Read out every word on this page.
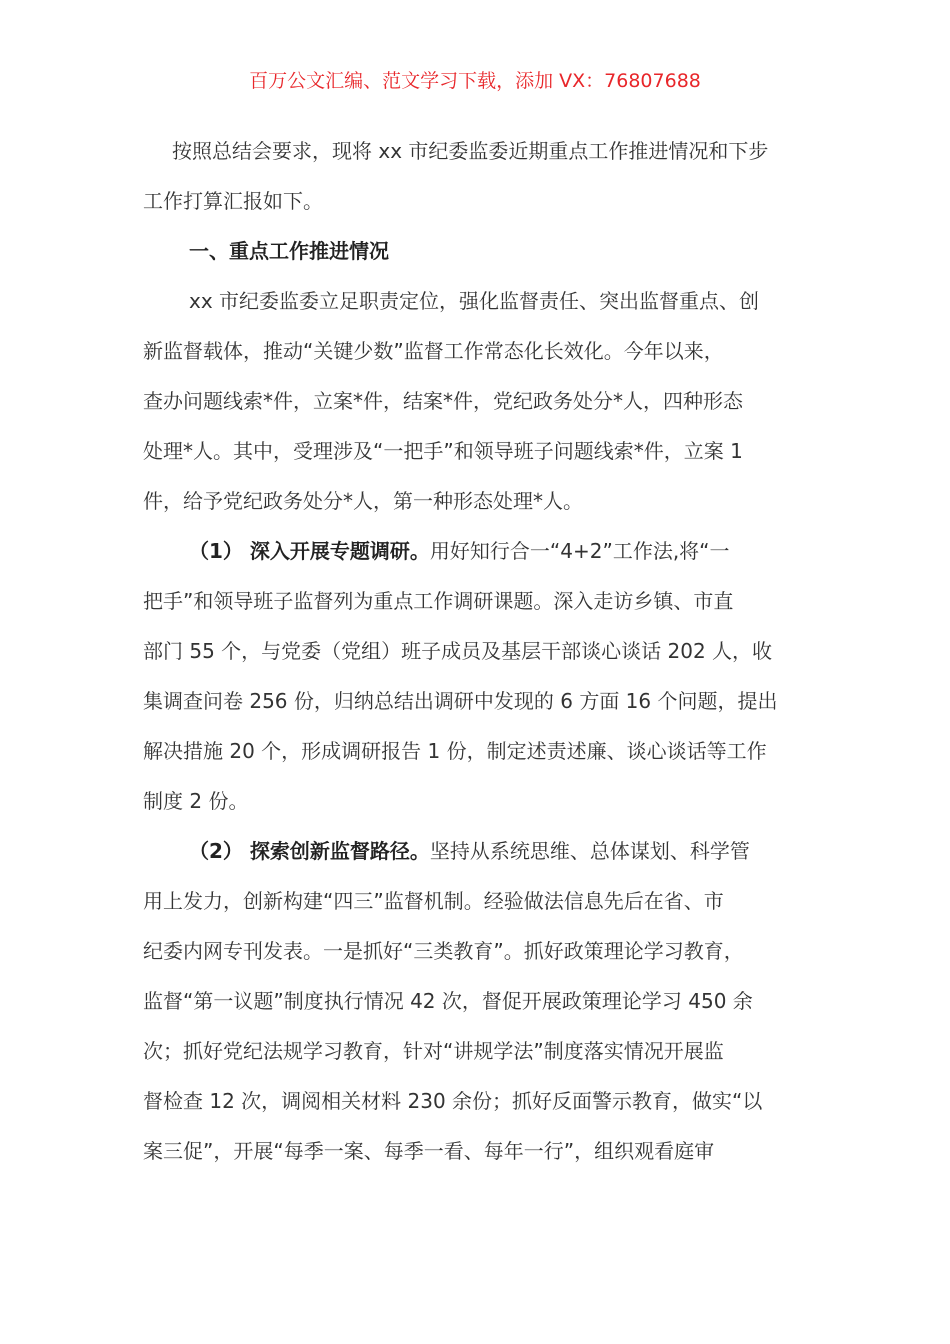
百万公文汇编、范文学习下载，添加 VX：76807688
按照总结会要求，现将 xx 市纪委监委近期重点工作推进情况和下步
工作打算汇报如下。
一、重点工作推进情况
xx 市纪委监委立足职责定位，强化监督责任、突出监督重点、创
新监督载体，推动“关键少数”监督工作常态化长效化。今年以来，
查办问题线索*件，立案*件，结案*件，党纪政务处分*人，四种形态
处理*人。其中，受理涉及“一把手”和领导班子问题线索*件，立案 1
件，给予党纪政务处分*人，第一种形态处理*人。
（1） 深入开展专题调研。用好知行合一“4+2”工作法,将“一
把手”和领导班子监督列为重点工作调研课题。深入走访乡镇、市直
部门 55 个，与党委（党组）班子成员及基层干部谈心谈话 202 人，收
集调查问卷 256 份，归纳总结出调研中发现的 6 方面 16 个问题，提出
解决措施 20 个，形成调研报告 1 份，制定述责述廉、谈心谈话等工作
制度 2 份。
（2） 探索创新监督路径。坚持从系统思维、总体谋划、科学管
用上发力，创新构建“四三”监督机制。经验做法信息先后在省、市
纪委内网专刊发表。一是抓好“三类教育”。抓好政策理论学习教育，
监督“第一议题”制度执行情况 42 次，督促开展政策理论学习 450 余
次；抓好党纪法规学习教育，针对“讲规学法”制度落实情况开展监
督检查 12 次，调阅相关材料 230 余份；抓好反面警示教育，做实“以
案三促”，开展“每季一案、每季一看、每年一行”，组织观看庭审
